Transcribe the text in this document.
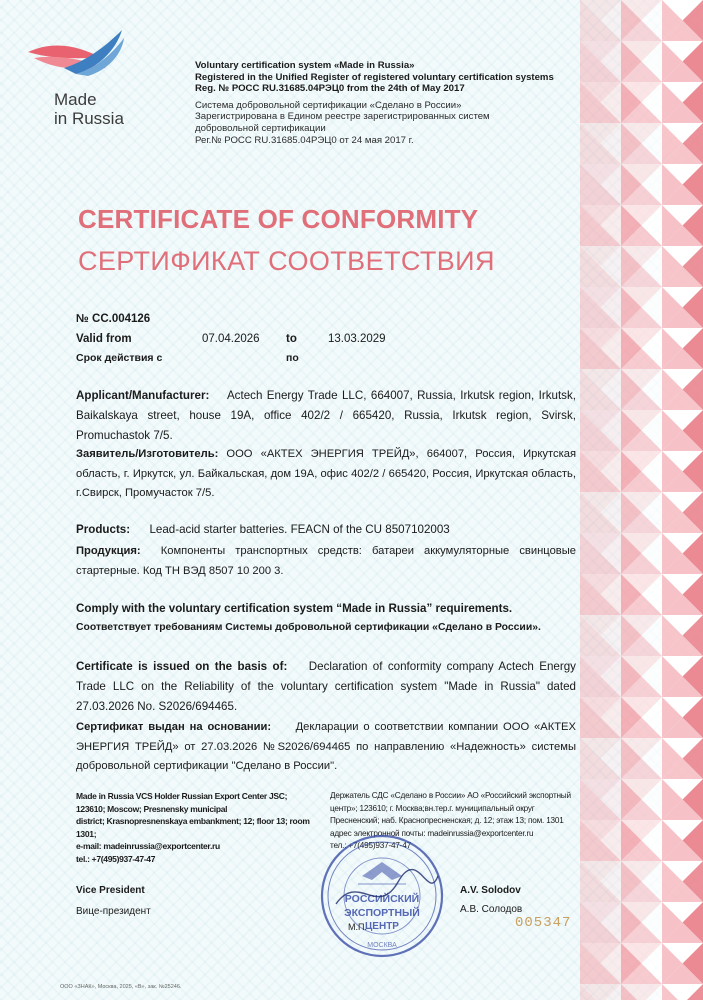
Made
in Russia
Voluntary certification system «Made in Russia»
Registered in the Unified Register of registered voluntary certification systems
Reg. № РОСС RU.31685.04РЭЦ0 from the 24th of May 2017
Система добровольной сертификации «Сделано в России»
Зарегистрирована в Едином реестре зарегистрированных систем
добровольной сертификации
Рег.№ РОСС RU.31685.04РЭЦ0 от 24 мая 2017 г.
CERTIFICATE OF CONFORMITY
СЕРТИФИКАТ СООТВЕТСТВИЯ
№ CC.004126
Valid from	07.04.2026 to	13.03.2029
Срок действия с	по
Applicant/Manufacturer: Actech Energy Trade LLC, 664007, Russia, Irkutsk region, Irkutsk, Baikalskaya street, house 19A, office 402/2 / 665420, Russia, Irkutsk region, Svirsk, Promuchastok 7/5.
Заявитель/Изготовитель: ООО «АКТЕХ ЭНЕРГИЯ ТРЕЙД», 664007, Россия, Иркутская область, г. Иркутск, ул. Байкальская, дом 19А, офис 402/2 / 665420, Россия, Иркутская область, г.Свирск, Промучасток 7/5.
Products: Lead-acid starter batteries. FEACN of the CU 8507102003
Продукция: Компоненты транспортных средств: батареи аккумуляторные свинцовые стартерные. Код ТН ВЭД 8507 10 200 3.
Comply with the voluntary certification system “Made in Russia” requirements.
Соответствует требованиям Системы добровольной сертификации «Сделано в России».
Certificate is issued on the basis of: Declaration of conformity company Actech Energy Trade LLC on the Reliability of the voluntary certification system "Made in Russia" dated 27.03.2026 No. S2026/694465.
Сертификат выдан на основании: Декларации о соответствии компании ООО «АКТЕХ ЭНЕРГИЯ ТРЕЙД» от 27.03.2026 №S2026/694465 по направлению «Надежность» системы добровольной сертификации "Сделано в России".
Made in Russia VCS Holder Russian Export Center JSC;
123610; Moscow; Presnensky municipal
district; Krasnopresnenskaya embankment; 12; floor 13; room
1301;
e-mail: madeinrussia@exportcenter.ru
tel.: +7(495)937-47-47
Держатель СДС «Сделано в России» АО «Российский экспортный
центр»; 123610; г. Москва;вн.тер.г. муниципальный округ
Пресненский; наб. Краснопресненская; д. 12; этаж 13; пом. 1301
адрес электронной почты: madeinrussia@exportcenter.ru
тел.: +7(495)937-47-47
Vice President
Вице-президент
A.V. Solodov
А.В. Солодов
РОССИЙСКИЙ
ЭКСПОРТНЫЙ
ЦЕНТР
МОСКВА
М.П.	005347
ООО «ЗНАК», Москва, 2025, «В», зак. №25246.
